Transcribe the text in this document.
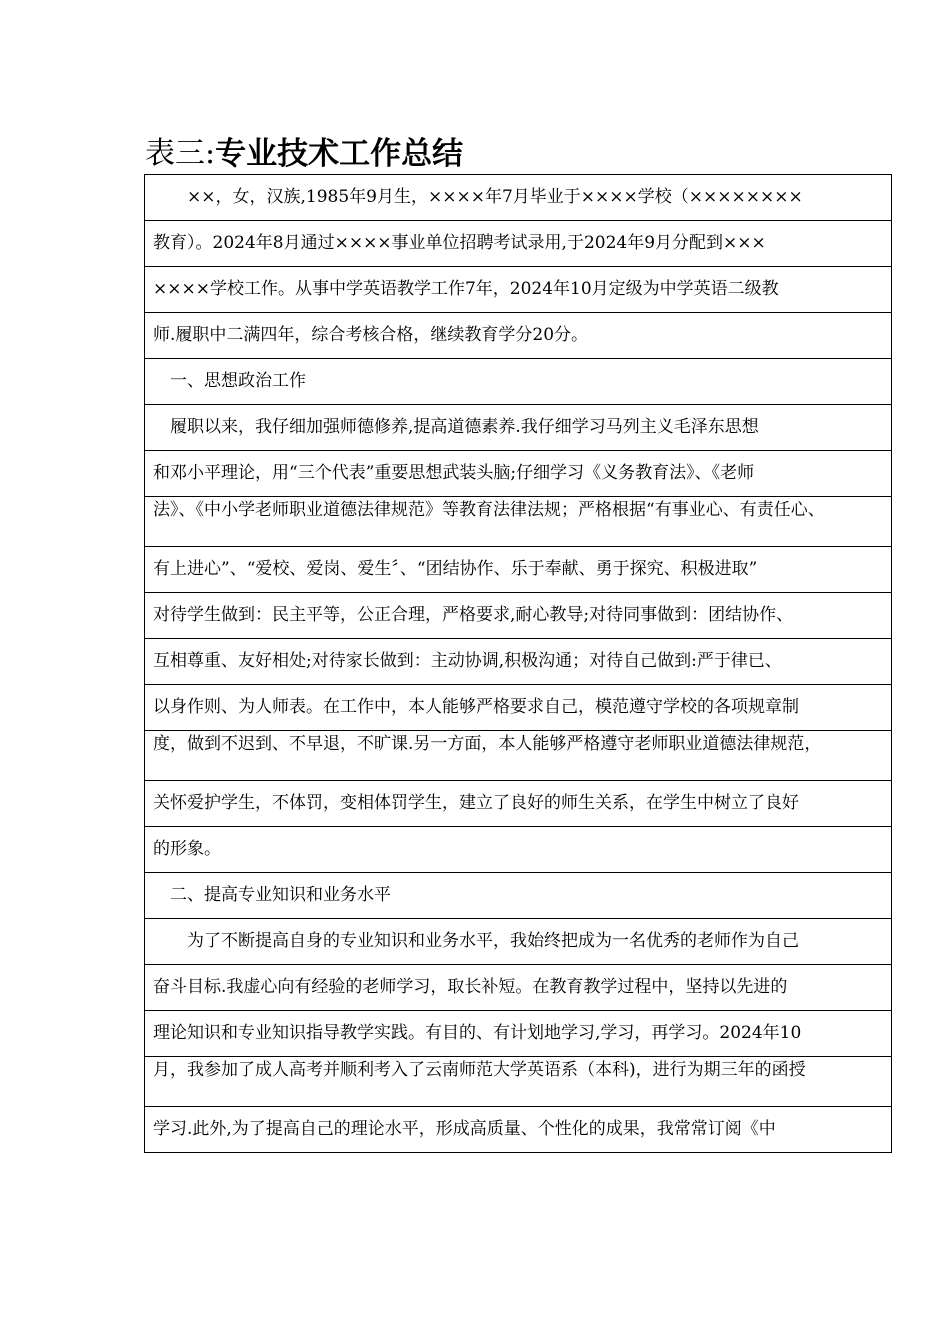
表三: 专业技术工作总结
　　××，女，汉族,1985年9月生，××××年7月毕业于××××学校（××××××××
教育）。2024年8月通过××××事业单位招聘考试录用,于2024年9月分配到×××
××××学校工作。从事中学英语教学工作7年，2024年10月定级为中学英语二级教
师.履职中二满四年，综合考核合格，继续教育学分20分。
　一、思想政治工作
　履职以来，我仔细加强师德修养,提高道德素养.我仔细学习马列主义毛泽东思想
和邓小平理论，用“三个代表”重要思想武装头脑;仔细学习《义务教育法》、《老师
法》、《中小学老师职业道德法律规范》等教育法律法规；严格根据“有事业心、有责任心、
有上进心”、“爱校、爱岗、爱生〞、“团结协作、乐于奉献、勇于探究、积极进取”
对待学生做到：民主平等，公正合理，严格要求,耐心教导;对待同事做到：团结协作、
互相尊重、友好相处;对待家长做到：主动协调,积极沟通；对待自己做到:严于律已、
以身作则、为人师表。在工作中，本人能够严格要求自己，模范遵守学校的各项规章制
度，做到不迟到、不早退，不旷课.另一方面，本人能够严格遵守老师职业道德法律规范，
关怀爱护学生，不体罚，变相体罚学生，建立了良好的师生关系，在学生中树立了良好
的形象。
　二、提高专业知识和业务水平
　　为了不断提高自身的专业知识和业务水平，我始终把成为一名优秀的老师作为自己
奋斗目标.我虚心向有经验的老师学习，取长补短。在教育教学过程中，坚持以先进的
理论知识和专业知识指导教学实践。有目的、有计划地学习,学习，再学习。2024年10
月，我参加了成人高考并顺利考入了云南师范大学英语系（本科)，进行为期三年的函授
学习.此外,为了提高自己的理论水平，形成高质量、个性化的成果，我常常订阅《中
